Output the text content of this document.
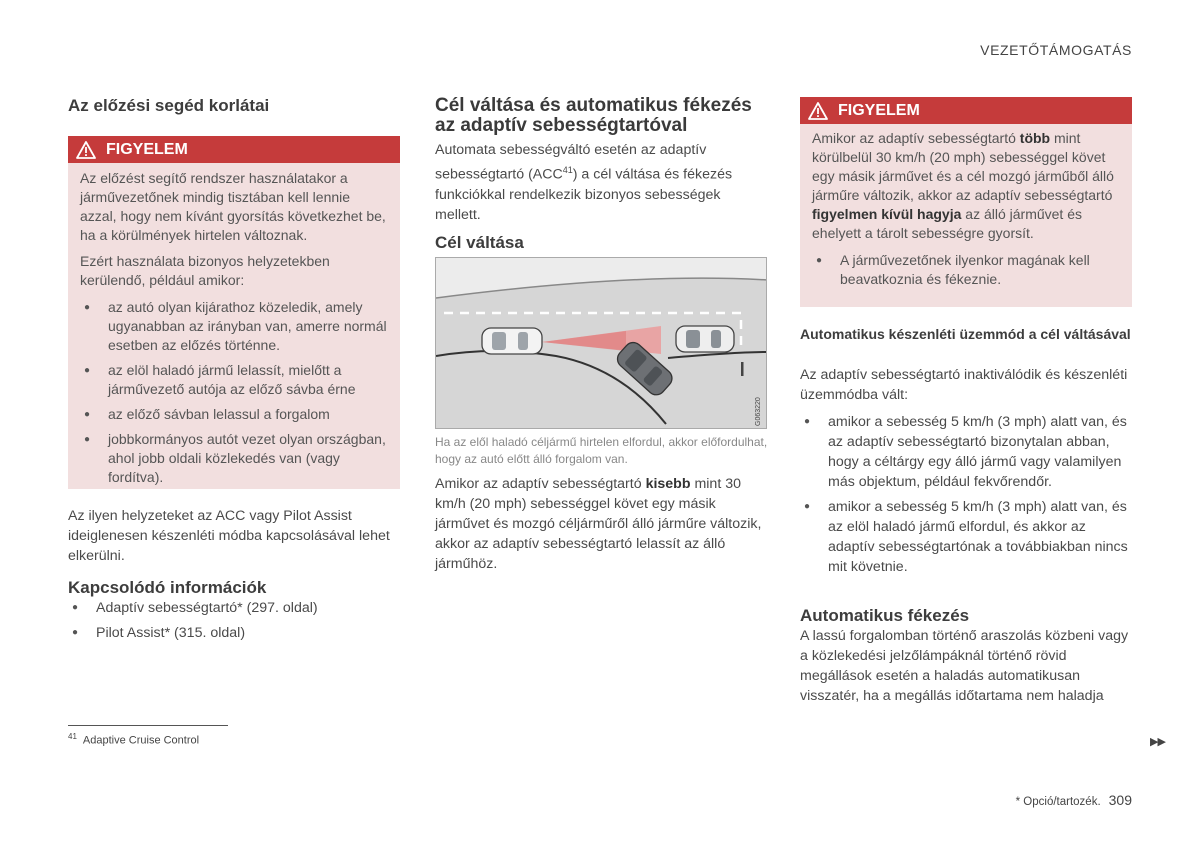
VEZETŐTÁMOGATÁS
Az előzési segéd korlátai
FIGYELEM

Az előzést segítő rendszer használatakor a járművezetőnek mindig tisztában kell lennie azzal, hogy nem kívánt gyorsítás következhet be, ha a körülmények hirtelen változnak.

Ezért használata bizonyos helyzetekben kerülendő, például amikor:

● az autó olyan kijárathoz közeledik, amely ugyanabban az irányban van, amerre normál esetben az előzés történne.
● az elöl haladó jármű lelassít, mielőtt a járművezető autója az előző sávba érne
● az előző sávban lelassul a forgalom
● jobbkormányos autót vezet olyan országban, ahol jobb oldali közlekedés van (vagy fordítva).

Az ilyen helyzeteket az ACC vagy Pilot Assist ideiglenesen készenléti módba kapcsolásával lehet elkerülni.

Kapcsolódó információk
● Adaptív sebességtartó* (297. oldal)
● Pilot Assist* (315. oldal)
Cél váltása és automatikus fékezés
az adaptív sebességtartóval

Automata sebességváltó esetén az adaptív sebességtartó (ACC$^{41}$) a cél váltása és fékezés funkciókkal rendelkezik bizonyos sebességek mellett.

Cél váltása
G063220
Ha az elől haladó céljármű hirtelen elfordul, akkor előfordulhat, hogy az autó előtt álló forgalom van.

Amikor az adaptív sebességtartó kisebb mint 30 km/h (20 mph) sebességgel követ egy másik járművet és mozgó céljárműről álló járműre változik, akkor az adaptív sebességtartó lelassít az álló járműhöz.

FIGYELEM

Amikor az adaptív sebességtartó több mint körülbelül 30 km/h (20 mph) sebességgel követ egy másik járművet és a cél mozgó járműből álló járműre változik, akkor az adaptív sebességtartó figyelmen kívül hagyja az álló járművet és ehelyett a tárolt sebességre gyorsít.

● A járművezetőnek ilyenkor magának kell beavatkoznia és fékeznie.
Automatikus készenléti üzemmód a cél váltásával

Az adaptív sebességtartó inaktiválódik és készenléti üzemmódba vált:

● amikor a sebesség 5 km/h (3 mph) alatt van, és az adaptív sebességtartó bizonytalan abban, hogy a céltárgy egy álló jármű vagy valamilyen más objektum, például fekvőrendőr.
● amikor a sebesség 5 km/h (3 mph) alatt van, és az elöl haladó jármű elfordul, és akkor az adaptív sebességtartónak a továbbiakban nincs mit követnie.
Automatikus fékezés

A lassú forgalomban történő araszolás közbeni vagy a közlekedési jelzőlámpáknál történő rövid megállások esetén a haladás automatikusan visszatér, ha a megállás időtartama nem haladja

$^{41}$ Adaptive Cruise Control	▶▶
* Opció/tartozék. 309
